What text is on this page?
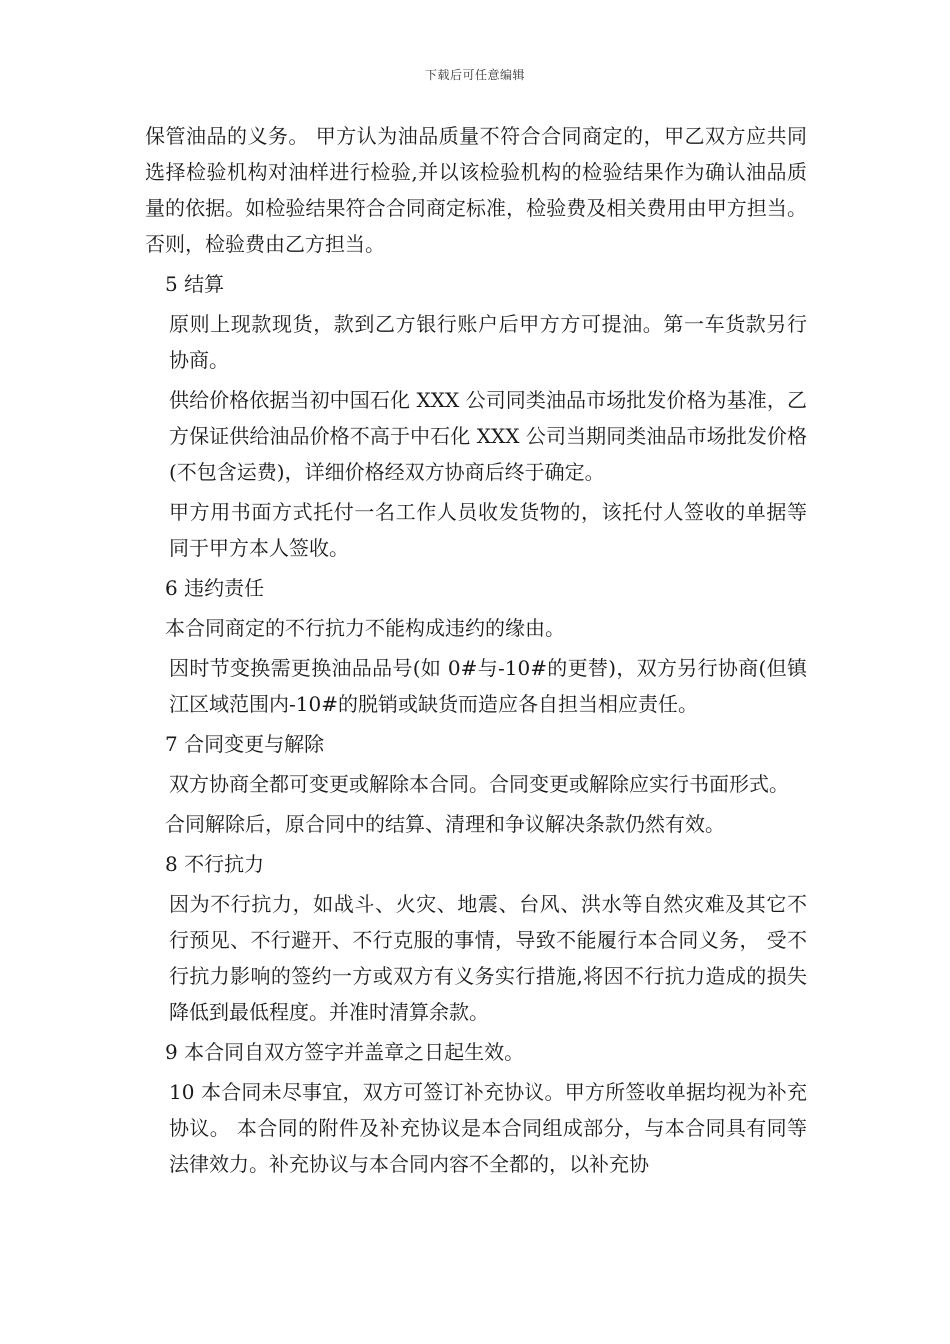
下载后可任意编辑

保管油品的义务。 甲方认为油品质量不符合合同商定的，甲乙双方应共同选择检验机构对油样进行检验,并以该检验机构的检验结果作为确认油品质量的依据。如检验结果符合合同商定标准，检验费及相关费用由甲方担当。否则，检验费由乙方担当。

5 结算

原则上现款现货，款到乙方银行账户后甲方方可提油。第一车货款另行协商。

供给价格依据当初中国石化 XXX 公司同类油品市场批发价格为基准，乙方保证供给油品价格不高于中石化 XXX 公司当期同类油品市场批发价格(不包含运费)，详细价格经双方协商后终于确定。

甲方用书面方式托付一名工作人员收发货物的，该托付人签收的单据等同于甲方本人签收。

6 违约责任

本合同商定的不行抗力不能构成违约的缘由。

因时节变换需更换油品品号(如 0#与-10#的更替)，双方另行协商(但镇江区域范围内-10#的脱销或缺货而造应各自担当相应责任。

7 合同变更与解除

双方协商全都可变更或解除本合同。合同变更或解除应实行书面形式。

合同解除后，原合同中的结算、清理和争议解决条款仍然有效。

8 不行抗力

因为不行抗力，如战斗、火灾、地震、台风、洪水等自然灾难及其它不行预见、不行避开、不行克服的事情，导致不能履行本合同义务， 受不行抗力影响的签约一方或双方有义务实行措施,将因不行抗力造成的损失降低到最低程度。并准时清算余款。

9 本合同自双方签字并盖章之日起生效。

10 本合同未尽事宜，双方可签订补充协议。甲方所签收单据均视为补充协议。 本合同的附件及补充协议是本合同组成部分，与本合同具有同等法律效力。补充协议与本合同内容不全都的，以补充协
